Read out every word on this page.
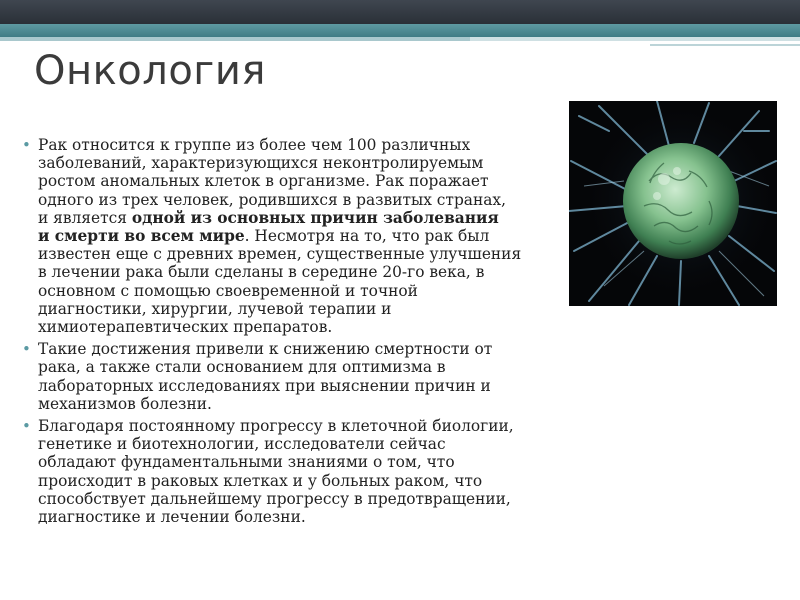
Онкология
• Рак относится к группе из более чем 100 различных
заболеваний, характеризующихся неконтролируемым
ростом аномальных клеток в организме. Рак поражает
одного из трех человек, родившихся в развитых странах,
и является одной из основных причин заболевания
и смерти во всем мире. Несмотря на то, что рак был
известен еще с древних времен, существенные улучшения
в лечении рака были сделаны в середине 20-го века, в
основном с помощью своевременной и точной
диагностики, хирургии, лучевой терапии и
химиотерапевтических препаратов.
• Такие достижения привели к снижению смертности от
рака, а также стали основанием для оптимизма в
лабораторных исследованиях при выяснении причин и
механизмов болезни.
• Благодаря постоянному прогрессу в клеточной биологии,
генетике и биотехнологии, исследователи сейчас
обладают фундаментальными знаниями о том, что
происходит в раковых клетках и у больных раком, что
способствует дальнейшему прогрессу в предотвращении,
диагностике и лечении болезни.
